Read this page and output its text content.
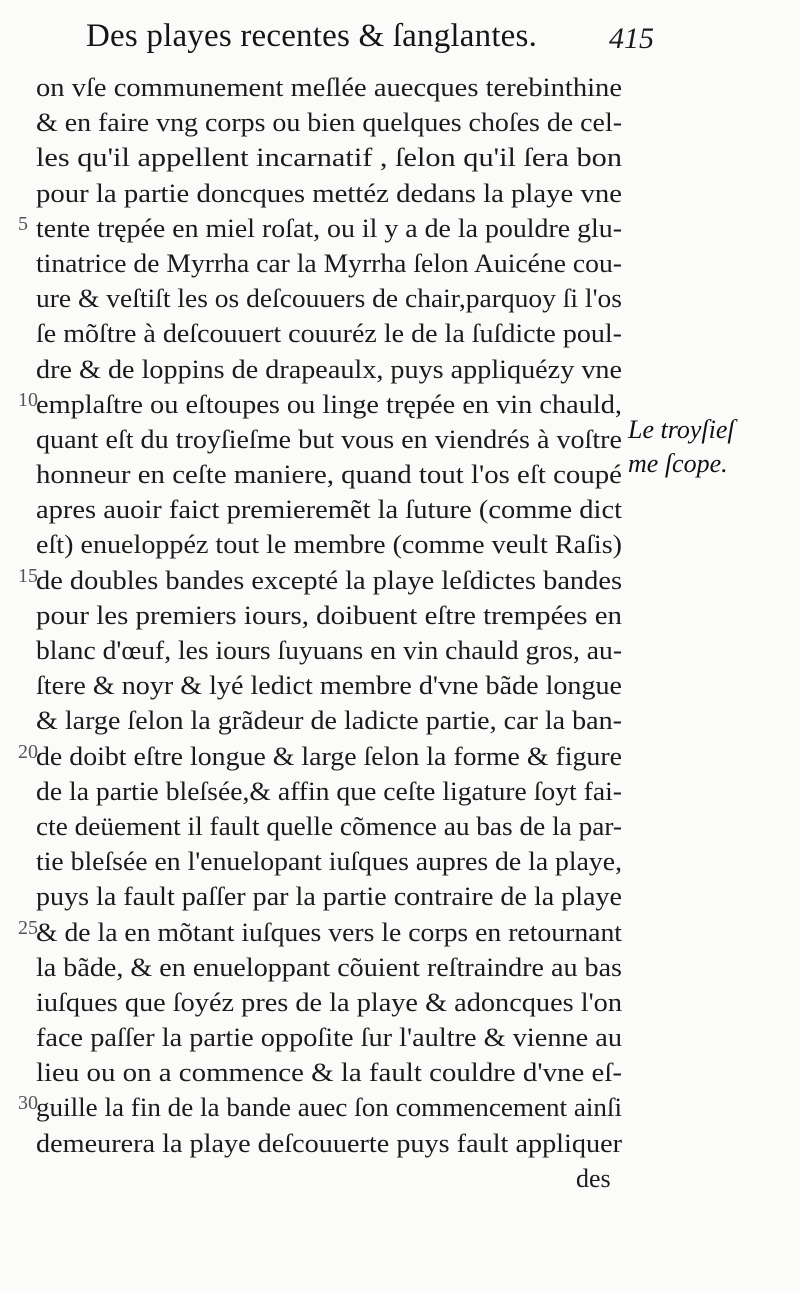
Des playes recentes & ſanglantes. 415
on vſe communement meſlée auecques terebinthine
& en faire vng corps ou bien quelques choſes de cel-
les qu'il appellent incarnatif , ſelon qu'il ſera bon
pour la partie doncques mettéz dedans la playe vne
5 tente trępée en miel roſat, ou il y a de la pouldre glu-
tinatrice de Myrrha car la Myrrha ſelon Auicéne cou-
ure & veſtiſt les os deſcouuers de chair,parquoy ſi l'os
ſe mõſtre à deſcouuert couuréz le de la ſuſdicte poul-
dre & de loppins de drapeaulx, puys appliquézy vne
10
emplaſtre ou eſtoupes ou linge trępée en vin chauld,
quant eſt du troyſieſme but vous en viendrés à voſtre
honneur en ceſte maniere, quand tout l'os eſt coupé
apres auoir faict premieremẽt la ſuture (comme dict
eſt) enueloppéz tout le membre (comme veult Raſis)
15
de doubles bandes excepté la playe leſdictes bandes
pour les premiers iours, doibuent eſtre trempées en
blanc d'œuf, les iours ſuyuans en vin chauld gros, au-
ſtere & noyr & lyé ledict membre d'vne bãde longue
& large ſelon la grãdeur de ladicte partie, car la ban-
20
de doibt eſtre longue & large ſelon la forme & figure
de la partie bleſsée,& affin que ceſte ligature ſoyt fai-
cte deüement il fault quelle cõmence au bas de la par-
tie bleſsée en l'enuelopant iuſques aupres de la playe,
puys la fault paſſer par la partie contraire de la playe
25
& de la en mõtant iuſques vers le corps en retournant
la bãde, & en enueloppant cõuient reſtraindre au bas
iuſques que ſoyéz pres de la playe & adoncques l'on
face paſſer la partie oppoſite ſur l'aultre & vienne au
lieu ou on a commence & la fault couldre d'vne eſ-
30
guille la fin de la bande auec ſon commencement ainſi
demeurera la playe deſcouuerte puys fault appliquer
des
Le troyſieſ
me ſcope.
